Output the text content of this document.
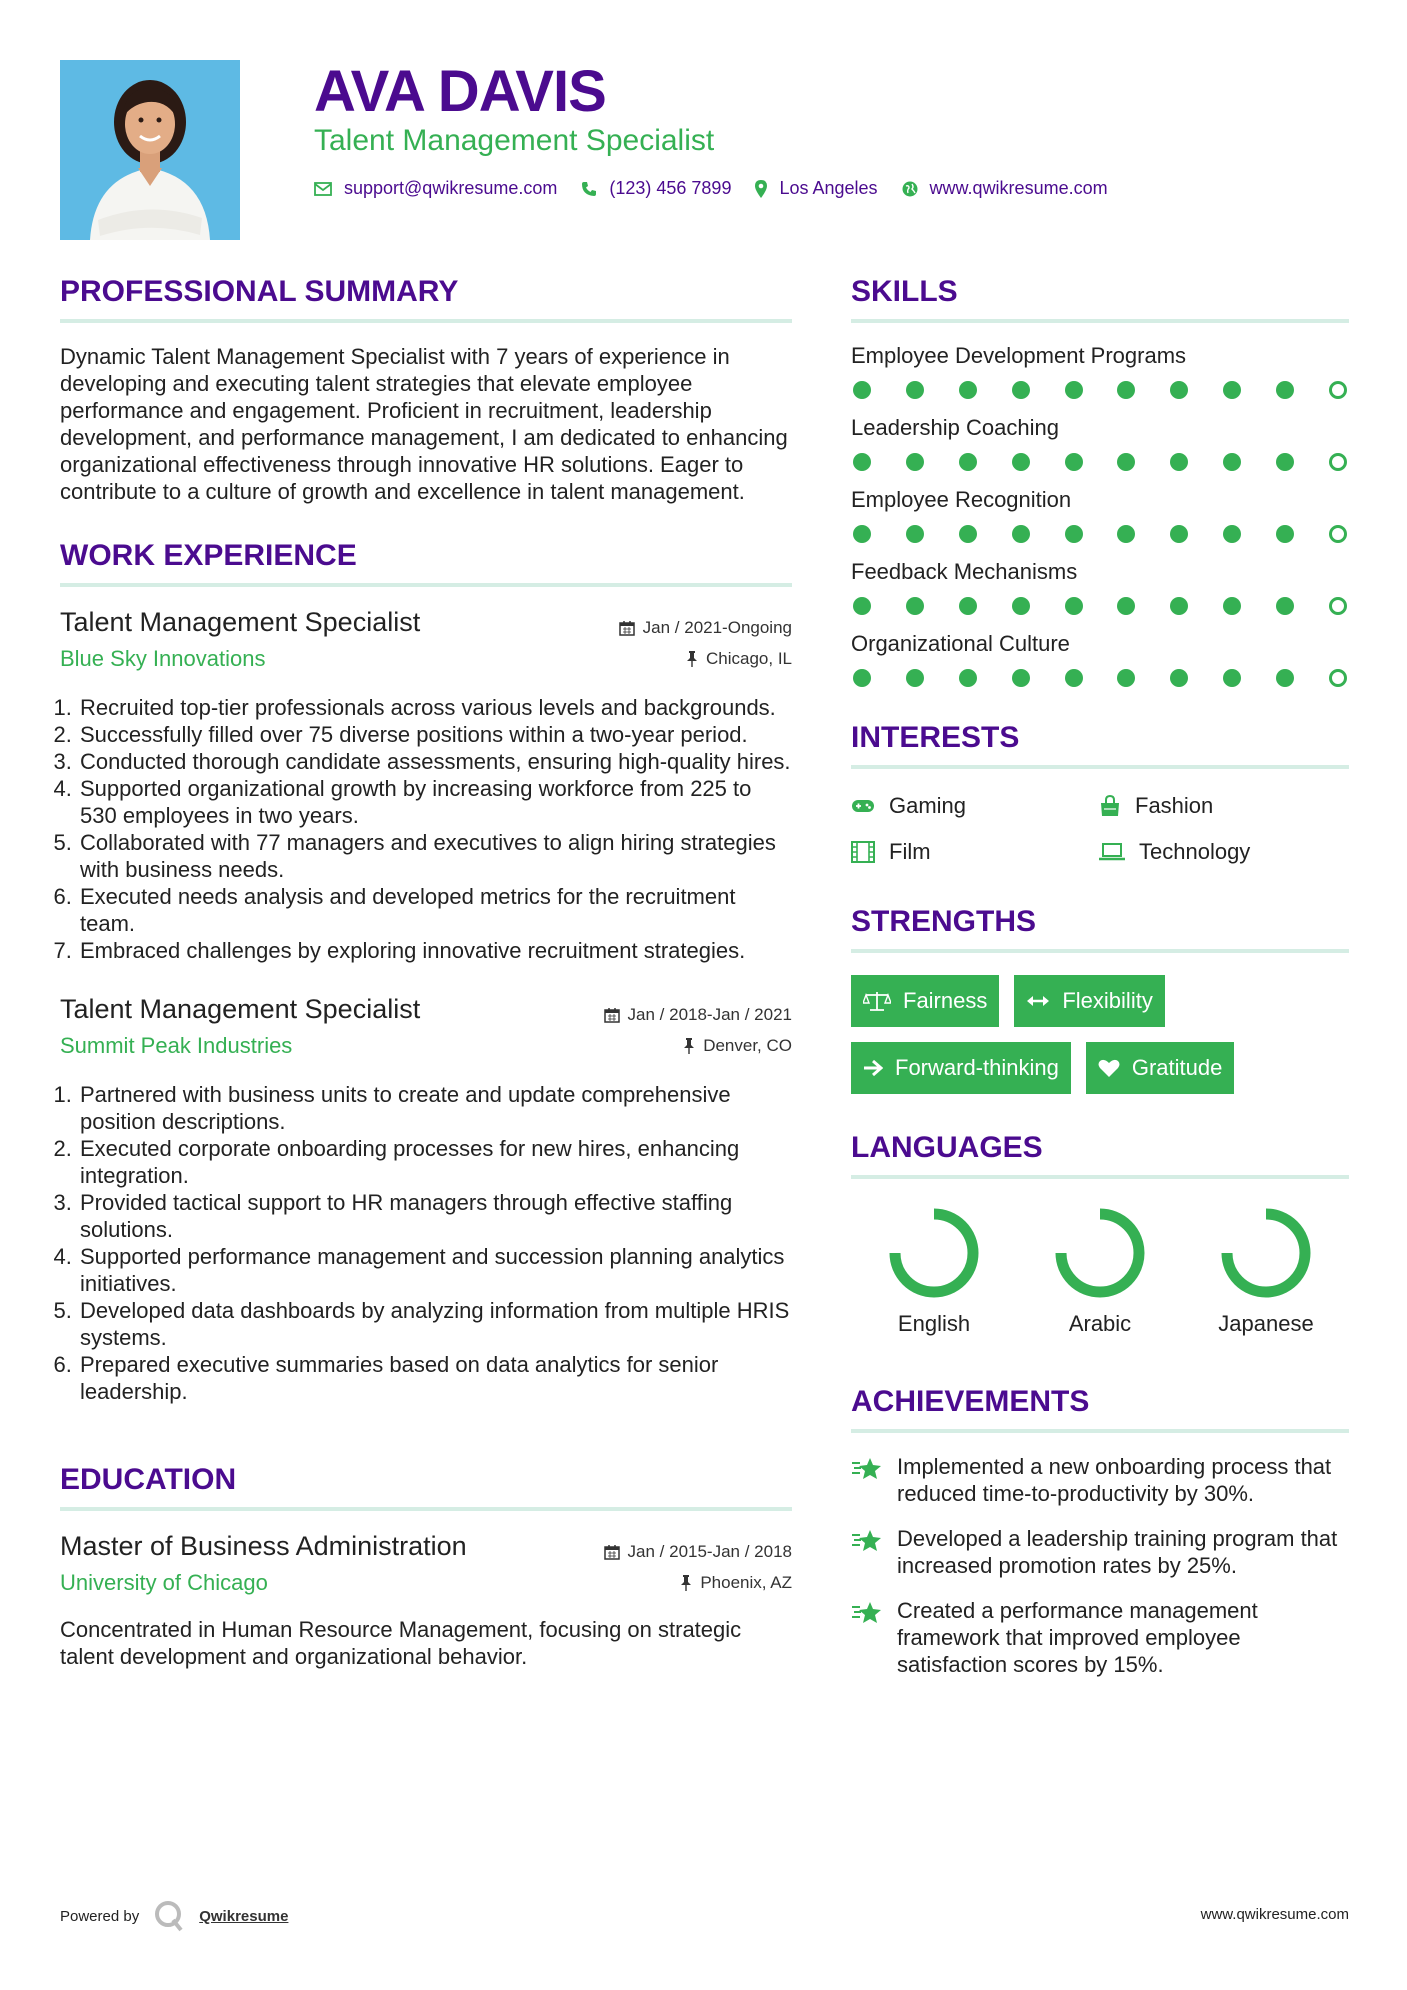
AVA DAVIS
Talent Management Specialist
support@qwikresume.com	(123) 456 7899	Los Angeles	www.qwikresume.com
PROFESSIONAL SUMMARY

Dynamic Talent Management Specialist with 7 years of experience in developing and executing talent strategies that elevate employee performance and engagement. Proficient in recruitment, leadership development, and performance management, I am dedicated to enhancing organizational effectiveness through innovative HR solutions. Eager to contribute to a culture of growth and excellence in talent management.

WORK EXPERIENCE
Talent Management Specialist	Jan / 2021-Ongoing
Blue Sky Innovations	Chicago, IL
1. Recruited top-tier professionals across various levels and backgrounds.
2. Successfully filled over 75 diverse positions within a two-year period.
3. Conducted thorough candidate assessments, ensuring high-quality hires.
4. Supported organizational growth by increasing workforce from 225 to 530 employees in two years.
5. Collaborated with 77 managers and executives to align hiring strategies with business needs.
6. Executed needs analysis and developed metrics for the recruitment team.
7. Embraced challenges by exploring innovative recruitment strategies.
Talent Management Specialist	Jan / 2018-Jan / 2021
Summit Peak Industries	Denver, CO
1. Partnered with business units to create and update comprehensive position descriptions.
2. Executed corporate onboarding processes for new hires, enhancing integration.
3. Provided tactical support to HR managers through effective staffing solutions.
4. Supported performance management and succession planning analytics initiatives.
5. Developed data dashboards by analyzing information from multiple HRIS systems.
6. Prepared executive summaries based on data analytics for senior leadership.
EDUCATION
Master of Business Administration	Jan / 2015-Jan / 2018
University of Chicago	Phoenix, AZ

Concentrated in Human Resource Management, focusing on strategic talent development and organizational behavior.

SKILLS
Employee Development Programs
Leadership Coaching
Employee Recognition
Feedback Mechanisms
Organizational Culture
INTERESTS
Gaming	Fashion
Film	Technology
STRENGTHS
Fairness	Flexibility
Forward-thinking	Gratitude
LANGUAGES
English	Arabic	Japanese
ACHIEVEMENTS
Implemented a new onboarding process that reduced time-to-productivity by 30%.
Developed a leadership training program that increased promotion rates by 25%.
Created a performance management framework that improved employee satisfaction scores by 15%.
Powered by	Qwikresume	www.qwikresume.com
